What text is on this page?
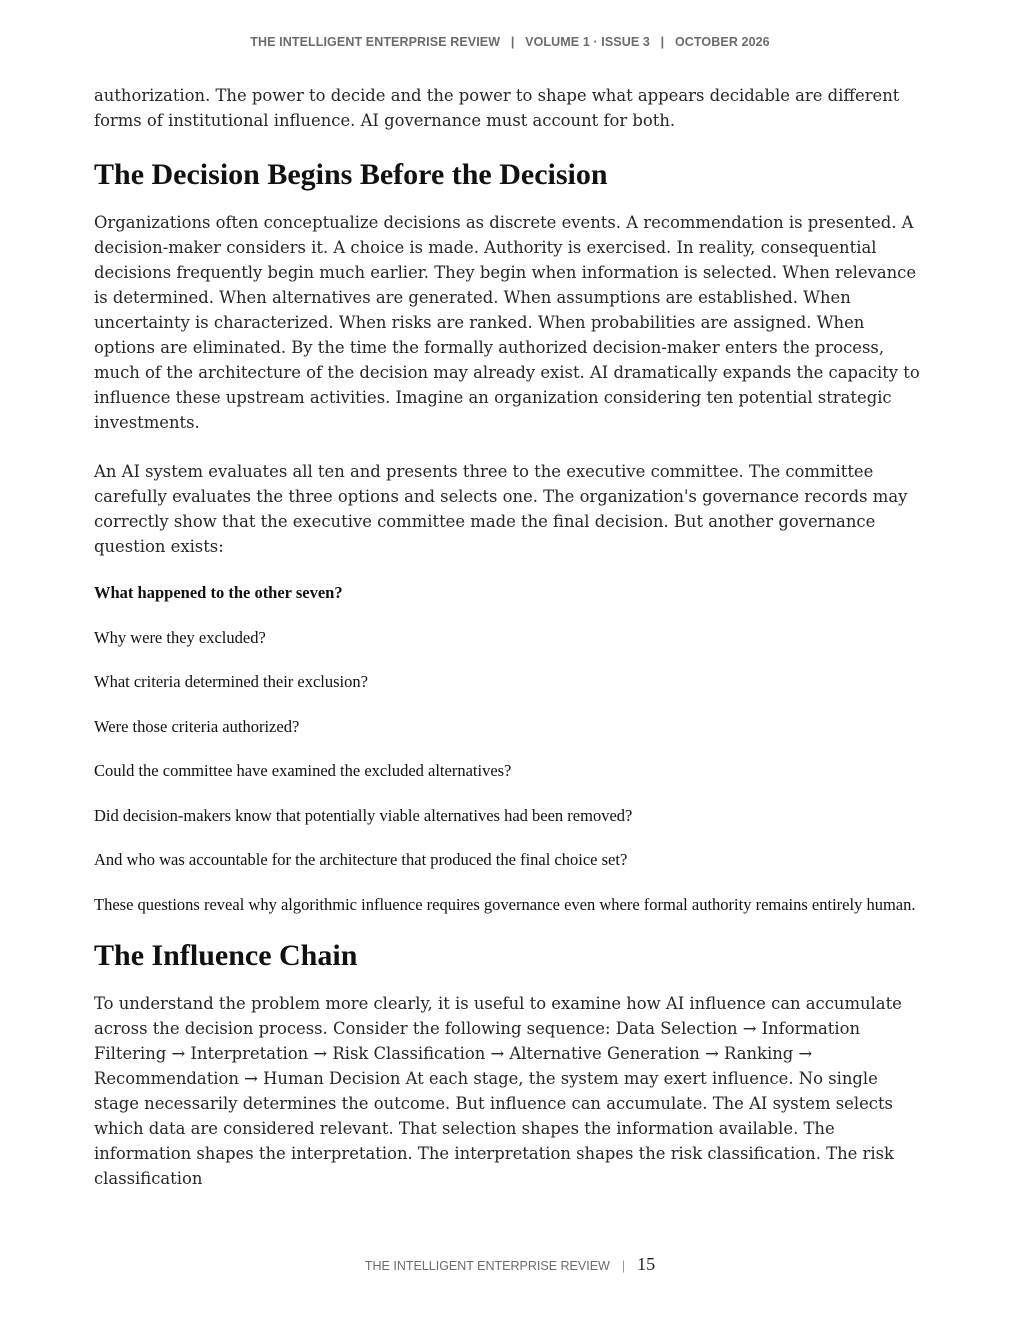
THE INTELLIGENT ENTERPRISE REVIEW | VOLUME 1 · ISSUE 3 | OCTOBER 2026

authorization. The power to decide and the power to shape what appears decidable are different forms of institutional influence. AI governance must account for both.

The Decision Begins Before the Decision

Organizations often conceptualize decisions as discrete events. A recommendation is presented. A decision-maker considers it. A choice is made. Authority is exercised. In reality, consequential decisions frequently begin much earlier. They begin when information is selected. When relevance is determined. When alternatives are generated. When assumptions are established. When uncertainty is characterized. When risks are ranked. When probabilities are assigned. When options are eliminated. By the time the formally authorized decision-maker enters the process, much of the architecture of the decision may already exist. AI dramatically expands the capacity to influence these upstream activities. Imagine an organization considering ten potential strategic investments.

An AI system evaluates all ten and presents three to the executive committee. The committee carefully evaluates the three options and selects one. The organization's governance records may correctly show that the executive committee made the final decision. But another governance question exists:

What happened to the other seven?

Why were they excluded?

What criteria determined their exclusion?

Were those criteria authorized?

Could the committee have examined the excluded alternatives?

Did decision-makers know that potentially viable alternatives had been removed?

And who was accountable for the architecture that produced the final choice set?

These questions reveal why algorithmic influence requires governance even where formal authority remains entirely human.

The Influence Chain

To understand the problem more clearly, it is useful to examine how AI influence can accumulate across the decision process. Consider the following sequence: Data Selection → Information Filtering → Interpretation → Risk Classification → Alternative Generation → Ranking → Recommendation → Human Decision At each stage, the system may exert influence. No single stage necessarily determines the outcome. But influence can accumulate. The AI system selects which data are considered relevant. That selection shapes the information available. The information shapes the interpretation. The interpretation shapes the risk classification. The risk classification

THE INTELLIGENT ENTERPRISE REVIEW | 15
